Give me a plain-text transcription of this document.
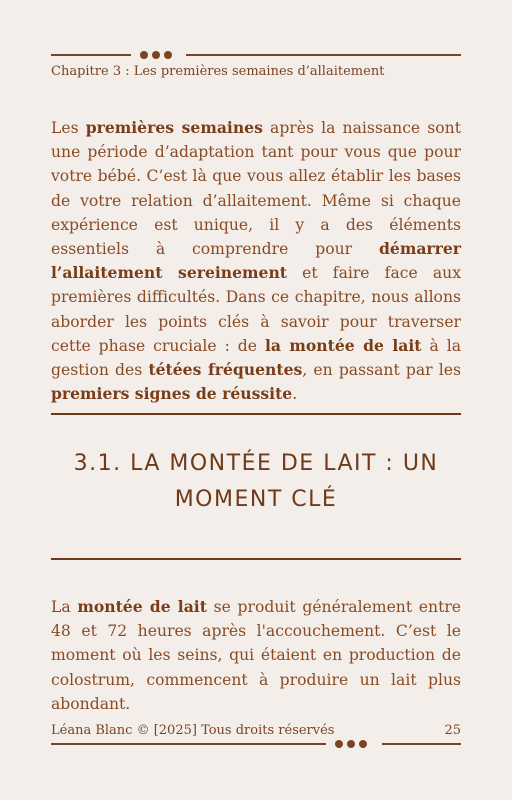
Chapitre 3 : Les premières semaines d’allaitement

Les premières semaines après la naissance sont une période d’adaptation tant pour vous que pour votre bébé. C’est là que vous allez établir les bases de votre relation d’allaitement. Même si chaque expérience est unique, il y a des éléments essentiels à comprendre pour démarrer l’allaitement sereinement et faire face aux premières difficultés. Dans ce chapitre, nous allons aborder les points clés à savoir pour traverser cette phase cruciale : de la montée de lait à la gestion des tétées fréquentes, en passant par les premiers signes de réussite.

3.1. LA MONTÉE DE LAIT : UN MOMENT CLÉ

La montée de lait se produit généralement entre 48 et 72 heures après l'accouchement. C’est le moment où les seins, qui étaient en production de colostrum, commencent à produire un lait plus abondant.

Léana Blanc © [2025] Tous droits réservés	25
